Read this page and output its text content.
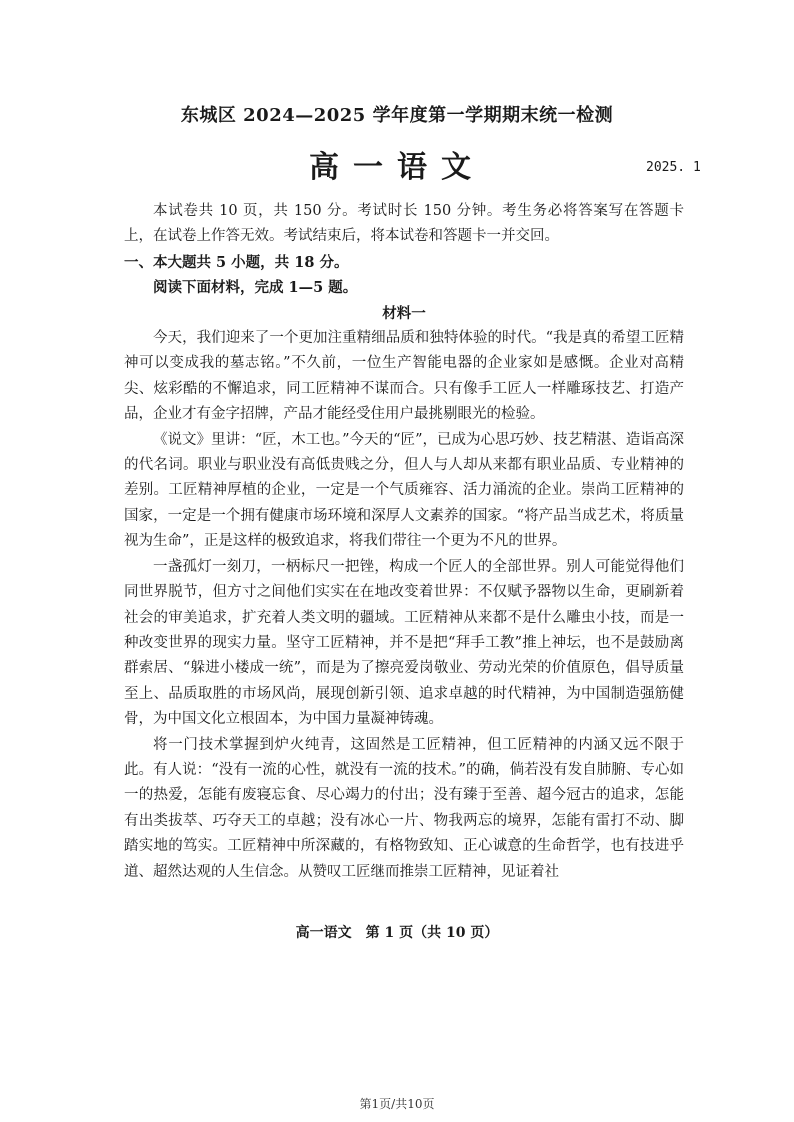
东城区 2024—2025 学年度第一学期期末统一检测
高一语文	2025. 1

本试卷共 10 页，共 150 分。考试时长 150 分钟。考生务必将答案写在答题卡上，在试卷上作答无效。考试结束后，将本试卷和答题卡一并交回。

一、本大题共 5 小题，共 18 分。

阅读下面材料，完成 1—5 题。

材料一

今天，我们迎来了一个更加注重精细品质和独特体验的时代。“我是真的希望工匠精神可以变成我的墓志铭。”不久前，一位生产智能电器的企业家如是感慨。企业对高精尖、炫彩酷的不懈追求，同工匠精神不谋而合。只有像手工匠人一样雕琢技艺、打造产品，企业才有金字招牌，产品才能经受住用户最挑剔眼光的检验。

《说文》里讲：“匠，木工也。”今天的“匠”，已成为心思巧妙、技艺精湛、造诣高深的代名词。职业与职业没有高低贵贱之分，但人与人却从来都有职业品质、专业精神的差别。工匠精神厚植的企业，一定是一个气质雍容、活力涌流的企业。崇尚工匠精神的国家，一定是一个拥有健康市场环境和深厚人文素养的国家。“将产品当成艺术，将质量视为生命”，正是这样的极致追求，将我们带往一个更为不凡的世界。

一盏孤灯一刻刀，一柄标尺一把锉，构成一个匠人的全部世界。别人可能觉得他们同世界脱节，但方寸之间他们实实在在地改变着世界：不仅赋予器物以生命，更刷新着社会的审美追求，扩充着人类文明的疆域。工匠精神从来都不是什么雕虫小技，而是一种改变世界的现实力量。坚守工匠精神，并不是把“拜手工教”推上神坛，也不是鼓励离群索居、“躲进小楼成一统”，而是为了擦亮爱岗敬业、劳动光荣的价值原色，倡导质量至上、品质取胜的市场风尚，展现创新引领、追求卓越的时代精神，为中国制造强筋健骨，为中国文化立根固本，为中国力量凝神铸魂。

将一门技术掌握到炉火纯青，这固然是工匠精神，但工匠精神的内涵又远不限于此。有人说：“没有一流的心性，就没有一流的技术。”的确，倘若没有发自肺腑、专心如一的热爱，怎能有废寝忘食、尽心竭力的付出；没有臻于至善、超今冠古的追求，怎能有出类拔萃、巧夺天工的卓越；没有冰心一片、物我两忘的境界，怎能有雷打不动、脚踏实地的笃实。工匠精神中所深藏的，有格物致知、正心诚意的生命哲学，也有技进乎道、超然达观的人生信念。从赞叹工匠继而推崇工匠精神，见证着社

高一语文　第 1 页（共 10 页）
第1页/共10页
